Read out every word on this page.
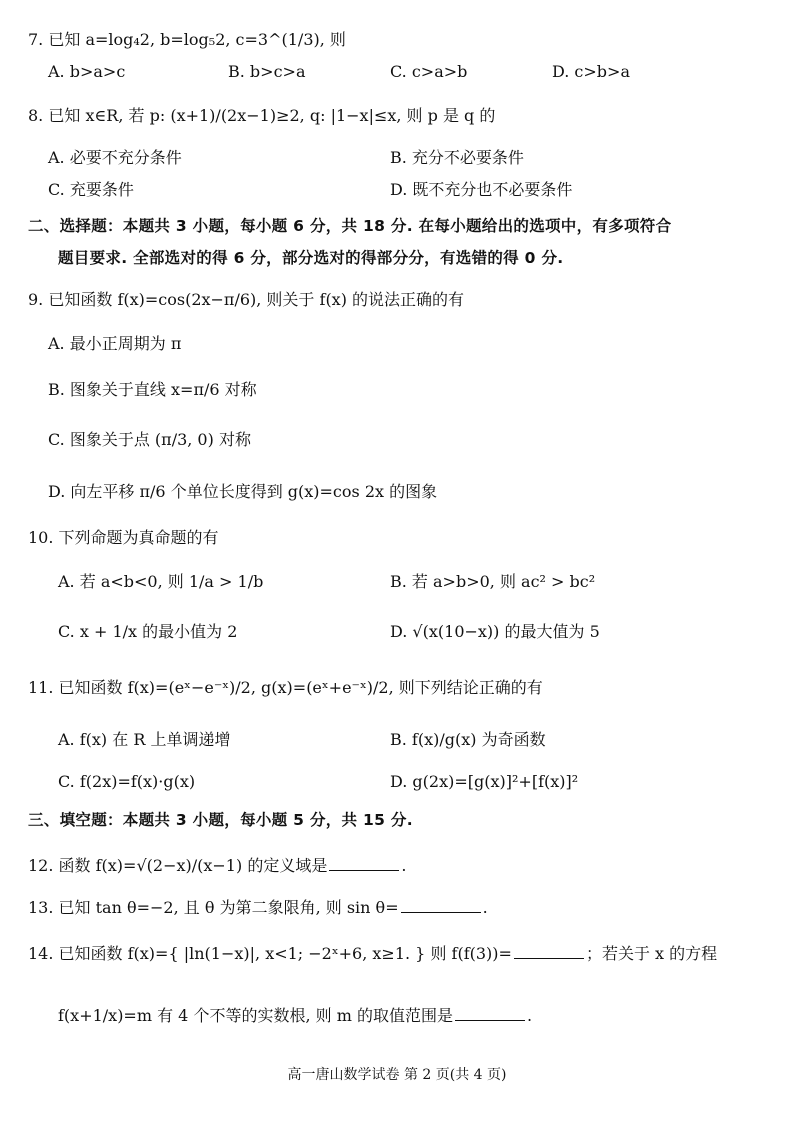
7. 已知 a=log₄2, b=log₅2, c=3^(1/3), 则
A. b>a>c	B. b>c>a	C. c>a>b	D. c>b>a
8. 已知 x∈R, 若 p: (x+1)/(2x−1)≥2, q: |1−x|≤x, 则 p 是 q 的
A. 必要不充分条件	B. 充分不必要条件
C. 充要条件	D. 既不充分也不必要条件
二、选择题：本题共 3 小题，每小题 6 分，共 18 分. 在每小题给出的选项中，有多项符合
题目要求. 全部选对的得 6 分，部分选对的得部分分，有选错的得 0 分.
9. 已知函数 f(x)=cos(2x−π/6), 则关于 f(x) 的说法正确的有
A. 最小正周期为 π
B. 图象关于直线 x=π/6 对称
C. 图象关于点 (π/3, 0) 对称
D. 向左平移 π/6 个单位长度得到 g(x)=cos 2x 的图象
10. 下列命题为真命题的有
A. 若 a<b<0, 则 1/a > 1/b	B. 若 a>b>0, 则 ac² > bc²
C. x + 1/x 的最小值为 2	D. √(x(10−x)) 的最大值为 5
11. 已知函数 f(x)=(eˣ−e⁻ˣ)/2, g(x)=(eˣ+e⁻ˣ)/2, 则下列结论正确的有
A. f(x) 在 R 上单调递增	B. f(x)/g(x) 为奇函数
C. f(2x)=f(x)·g(x)	D. g(2x)=[g(x)]²+[f(x)]²
三、填空题：本题共 3 小题，每小题 5 分，共 15 分.
12. 函数 f(x)=√(2−x)/(x−1) 的定义域是	.
13. 已知 tan θ=−2, 且 θ 为第二象限角, 则 sin θ=	.
14. 已知函数 f(x)={ |ln(1−x)|, x<1; −2ˣ+6, x≥1. } 则 f(f(3))=	；若关于 x 的方程
f(x+1/x)=m 有 4 个不等的实数根, 则 m 的取值范围是	.
高一唐山数学试卷 第 2 页(共 4 页)
